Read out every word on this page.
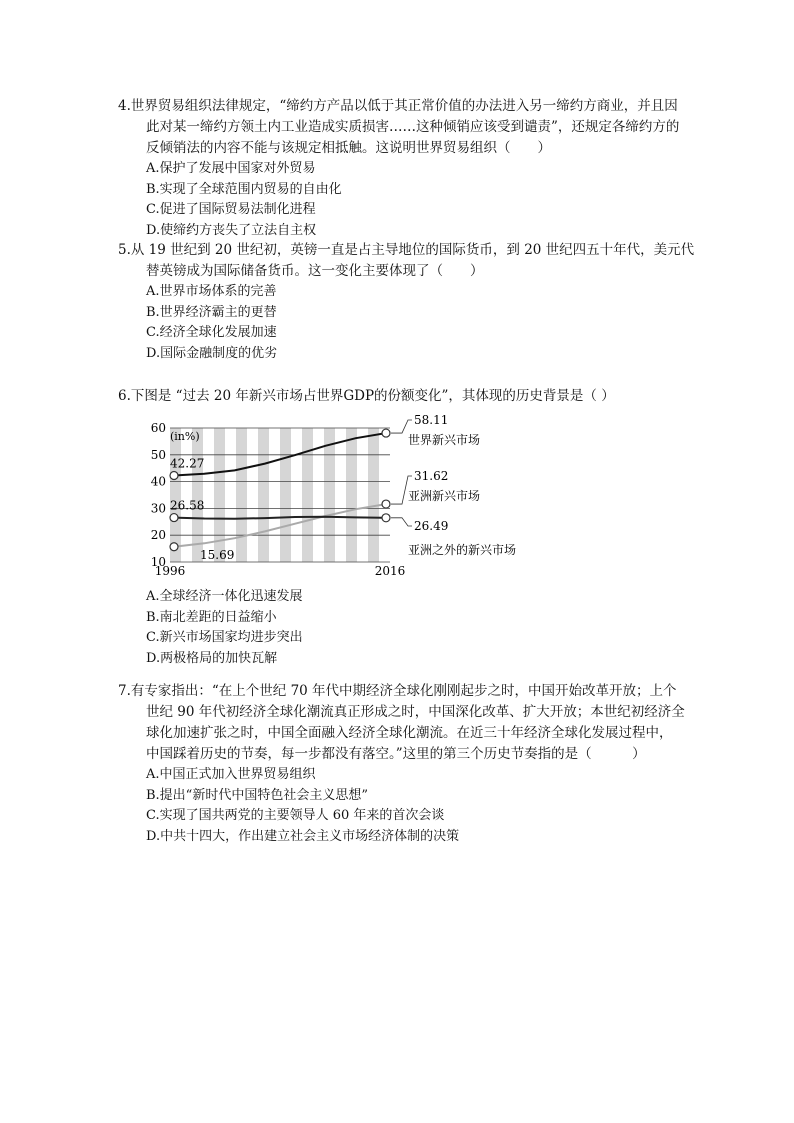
4.世界贸易组织法律规定，“缔约方产品以低于其正常价值的办法进入另一缔约方商业，并且因
此对某一缔约方领土内工业造成实质损害……这种倾销应该受到谴责”，还规定各缔约方的
反倾销法的内容不能与该规定相抵触。这说明世界贸易组织（　　）
A.保护了发展中国家对外贸易
B.实现了全球范围内贸易的自由化
C.促进了国际贸易法制化进程
D.使缔约方丧失了立法自主权
5.从 19 世纪到 20 世纪初，英镑一直是占主导地位的国际货币，到 20 世纪四五十年代，美元代
替英镑成为国际储备货币。这一变化主要体现了（　　）
A.世界市场体系的完善
B.世界经济霸主的更替
C.经济全球化发展加速
D.国际金融制度的优劣
6.下图是 “过去 20 年新兴市场占世界GDP的份额变化”，其体现的历史背景是（ ）
10
20
30
40
50
60
1996	2016
(in%)
42.27
26.58
15.69
58.11
世界新兴市场
31.62
亚洲新兴市场
26.49
亚洲之外的新兴市场
A.全球经济一体化迅速发展
B.南北差距的日益缩小
C.新兴市场国家均进步突出
D.两极格局的加快瓦解
7.有专家指出：“在上个世纪 70 年代中期经济全球化刚刚起步之时，中国开始改革开放；上个
世纪 90 年代初经济全球化潮流真正形成之时，中国深化改革、扩大开放；本世纪初经济全
球化加速扩张之时，中国全面融入经济全球化潮流。在近三十年经济全球化发展过程中，
中国踩着历史的节奏，每一步都没有落空。”这里的第三个历史节奏指的是（　　　）
A.中国正式加入世界贸易组织
B.提出“新时代中国特色社会主义思想”
C.实现了国共两党的主要领导人 60 年来的首次会谈
D.中共十四大，作出建立社会主义市场经济体制的决策
